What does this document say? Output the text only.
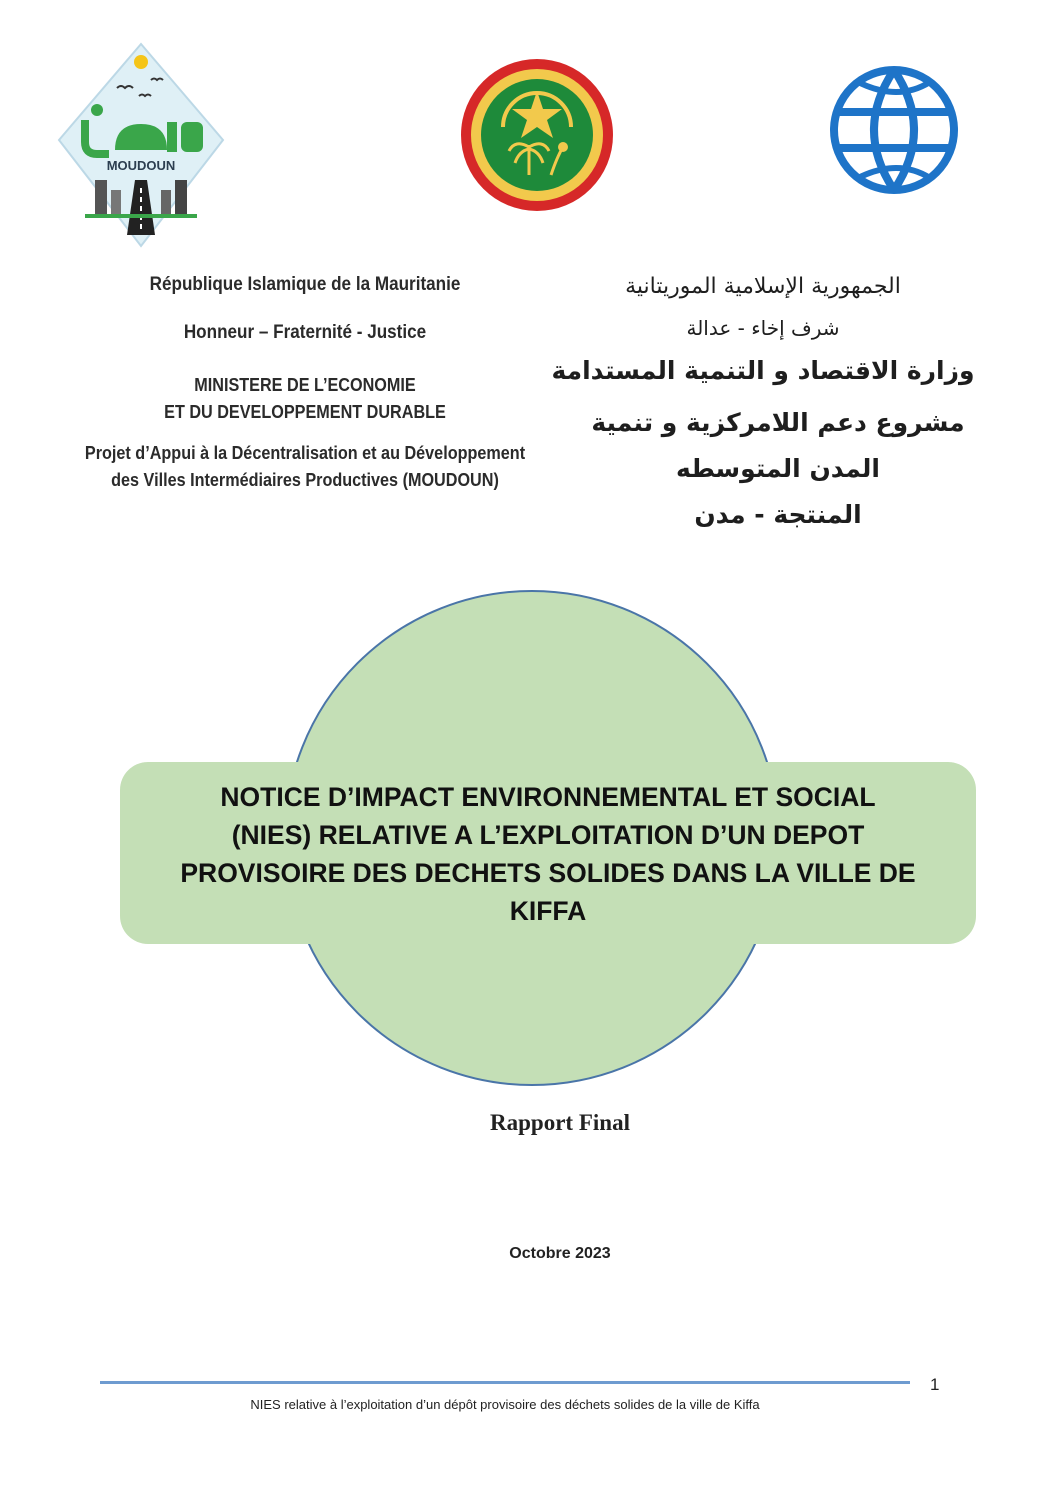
MOUDOUN
République Islamique de la Mauritanie
Honneur – Fraternité - Justice
MINISTERE DE L’ECONOMIE
ET DU DEVELOPPEMENT DURABLE
Projet d’Appui à la Décentralisation et au Développement
des Villes Intermédiaires Productives (MOUDOUN)
الجمهورية الإسلامية الموريتانية
شرف إخاء - عدالة
وزارة الاقتصاد و التنمية المستدامة
مشروع دعم اللامركزية و تنمية المدن المتوسطه
المنتجة - مدن
NOTICE D’IMPACT ENVIRONNEMENTAL ET SOCIAL
(NIES) RELATIVE A L’EXPLOITATION D’UN DEPOT
PROVISOIRE DES DECHETS SOLIDES DANS LA VILLE DE
KIFFA
Rapport Final
Octobre 2023
1
NIES relative à l’exploitation d’un dépôt provisoire des déchets solides de la ville de Kiffa
